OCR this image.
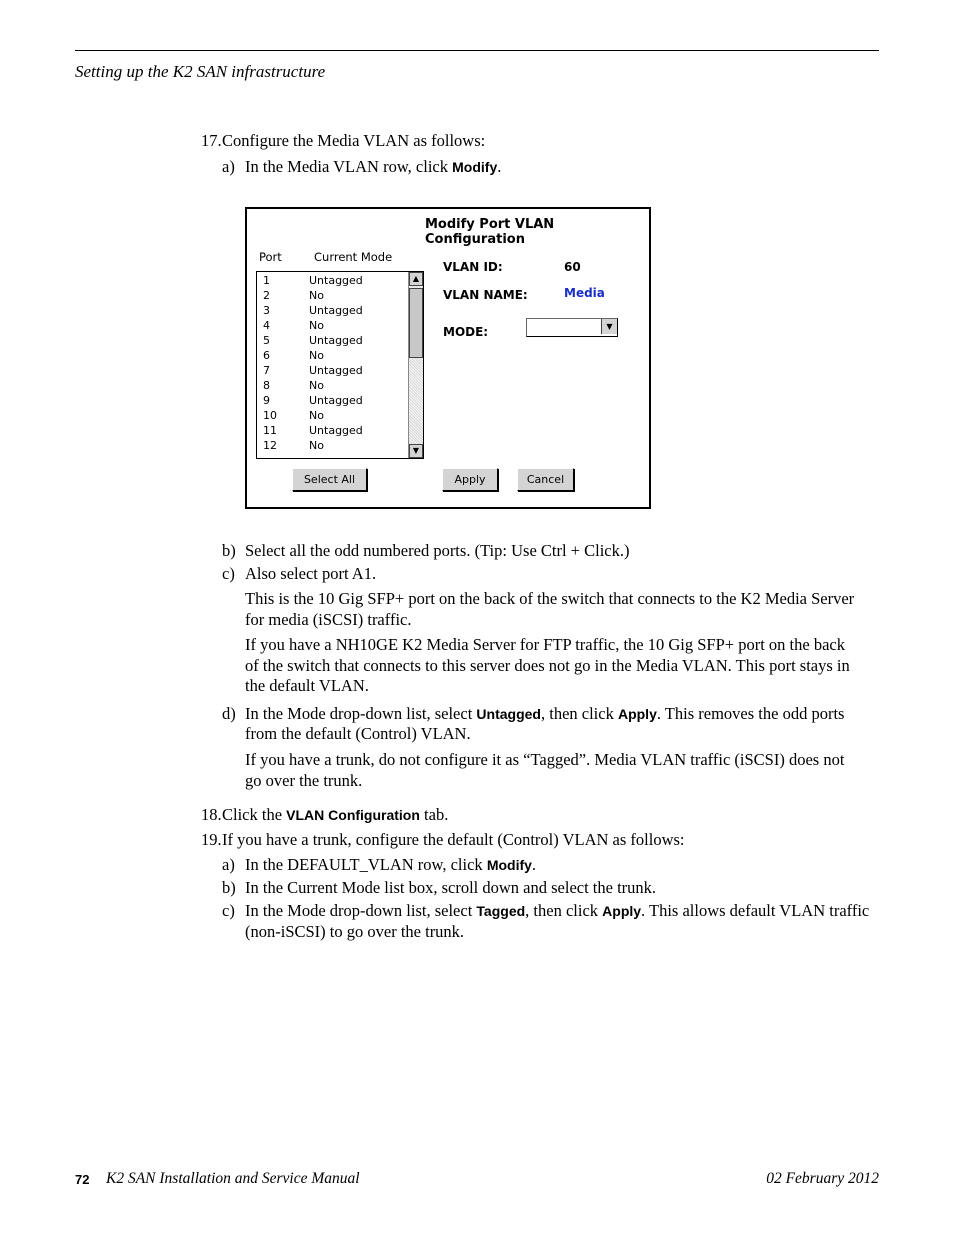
Setting up the K2 SAN infrastructure
17. Configure the Media VLAN as follows:
a) In the Media VLAN row, click Modify.
Modify Port VLAN Configuration
Port	Current Mode
1	Untagged
2	No
3	Untagged
4	No
5	Untagged
6	No
7	Untagged
8	No
9	Untagged
10	No
11	Untagged
12	No
▲
▼
VLAN ID:	60
VLAN NAME:	Media
MODE:	▼
Select All	Apply	Cancel
b) Select all the odd numbered ports. (Tip: Use Ctrl + Click.)
c) Also select port A1.
This is the 10 Gig SFP+ port on the back of the switch that connects to the K2 Media Server
for media (iSCSI) traffic.
If you have a NH10GE K2 Media Server for FTP traffic, the 10 Gig SFP+ port on the back
of the switch that connects to this server does not go in the Media VLAN. This port stays in
the default VLAN.
d) In the Mode drop-down list, select Untagged, then click Apply. This removes the odd ports
from the default (Control) VLAN.
If you have a trunk, do not configure it as “Tagged”. Media VLAN traffic (iSCSI) does not
go over the trunk.
18. Click the VLAN Configuration tab.
19. If you have a trunk, configure the default (Control) VLAN as follows:
a) In the DEFAULT_VLAN row, click Modify.
b) In the Current Mode list box, scroll down and select the trunk.
c) In the Mode drop-down list, select Tagged, then click Apply. This allows default VLAN traffic
(non-iSCSI) to go over the trunk.
72 K2 SAN Installation and Service Manual	02 February 2012
